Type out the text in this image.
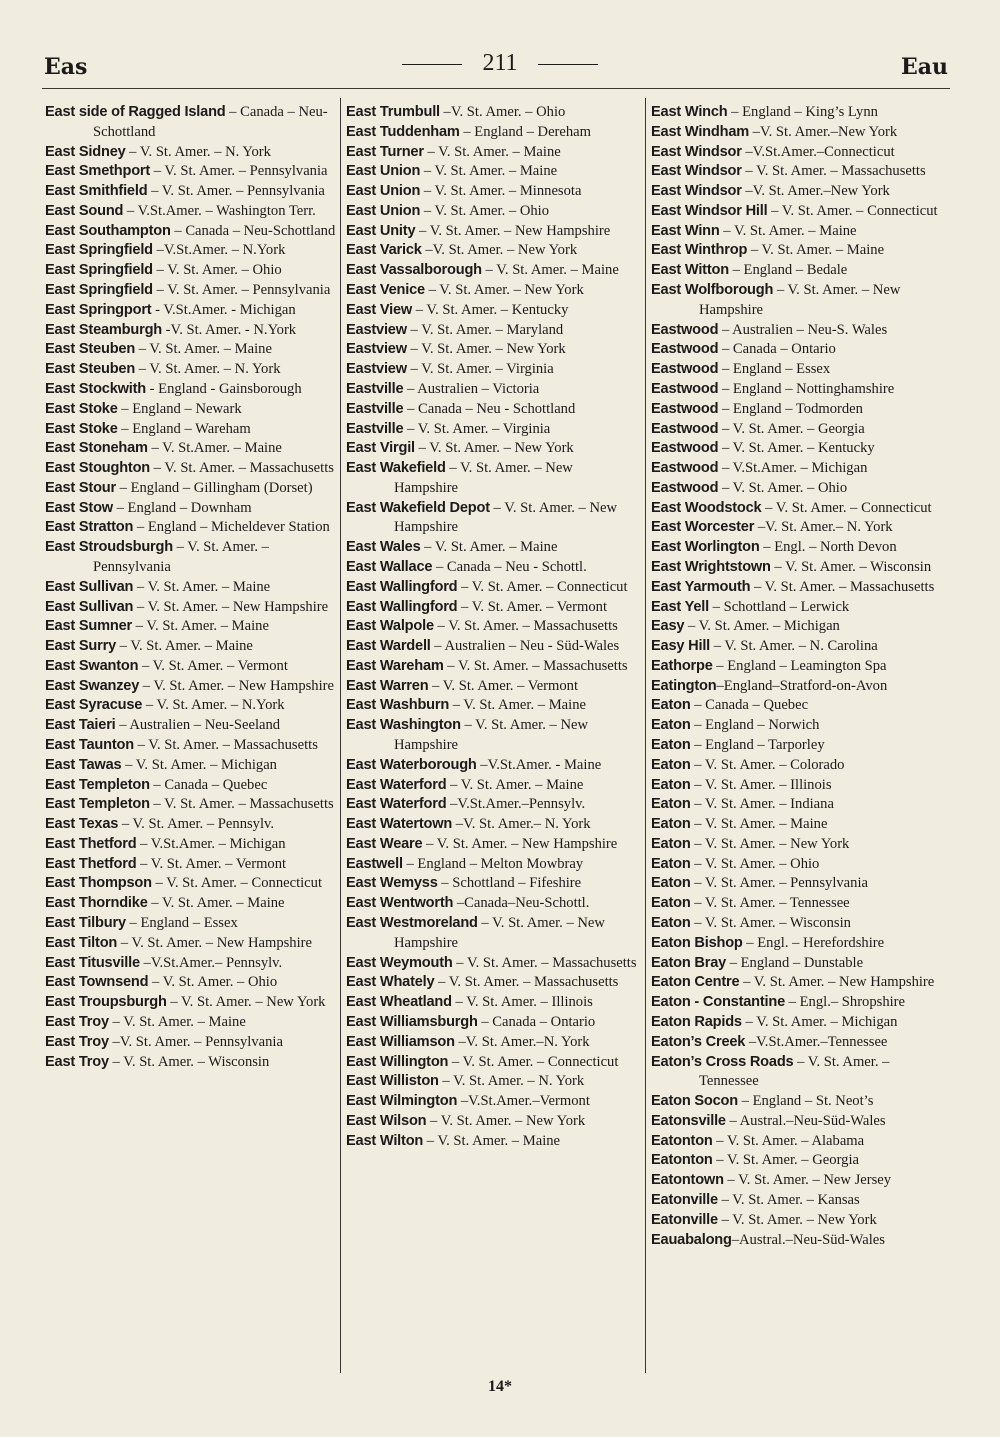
Eas	211	Eau
East side of Ragged Island – Canada – Neu-Schottland
East Sidney – V. St. Amer. – N. York
East Smethport – V. St. Amer. – Pennsylvania
East Smithfield – V. St. Amer. – Pennsylvania
East Sound – V.St.Amer. – Washington Terr.
East Southampton – Canada – Neu-Schottland
East Springfield –V.St.Amer. – N.York
East Springfield – V. St. Amer. – Ohio
East Springfield – V. St. Amer. – Pennsylvania
East Springport - V.St.Amer. - Michigan
East Steamburgh -V. St. Amer. - N.York
East Steuben – V. St. Amer. – Maine
East Steuben – V. St. Amer. – N. York
East Stockwith - England - Gainsborough
East Stoke – England – Newark
East Stoke – England – Wareham
East Stoneham – V. St.Amer. – Maine
East Stoughton – V. St. Amer. – Massachusetts
East Stour – England – Gillingham (Dorset)
East Stow – England – Downham
East Stratton – England – Micheldever Station
East Stroudsburgh – V. St. Amer. – Pennsylvania
East Sullivan – V. St. Amer. – Maine
East Sullivan – V. St. Amer. – New Hampshire
East Sumner – V. St. Amer. – Maine
East Surry – V. St. Amer. – Maine
East Swanton – V. St. Amer. – Vermont
East Swanzey – V. St. Amer. – New Hampshire
East Syracuse – V. St. Amer. – N.York
East Taieri – Australien – Neu-Seeland
East Taunton – V. St. Amer. – Massachusetts
East Tawas – V. St. Amer. – Michigan
East Templeton – Canada – Quebec
East Templeton – V. St. Amer. – Massachusetts
East Texas – V. St. Amer. – Pennsylv.
East Thetford – V.St.Amer. – Michigan
East Thetford – V. St. Amer. – Vermont
East Thompson – V. St. Amer. – Connecticut
East Thorndike – V. St. Amer. – Maine
East Tilbury – England – Essex
East Tilton – V. St. Amer. – New Hampshire
East Titusville –V.St.Amer.– Pennsylv.
East Townsend – V. St. Amer. – Ohio
East Troupsburgh – V. St. Amer. – New York
East Troy – V. St. Amer. – Maine
East Troy –V. St. Amer. – Pennsylvania
East Troy – V. St. Amer. – Wisconsin
East Trumbull –V. St. Amer. – Ohio
East Tuddenham – England – Dereham
East Turner – V. St. Amer. – Maine
East Union – V. St. Amer. – Maine
East Union – V. St. Amer. – Minnesota
East Union – V. St. Amer. – Ohio
East Unity – V. St. Amer. – New Hampshire
East Varick –V. St. Amer. – New York
East Vassalborough – V. St. Amer. – Maine
East Venice – V. St. Amer. – New York
East View – V. St. Amer. – Kentucky
Eastview – V. St. Amer. – Maryland
Eastview – V. St. Amer. – New York
Eastview – V. St. Amer. – Virginia
Eastville – Australien – Victoria
Eastville – Canada – Neu - Schottland
Eastville – V. St. Amer. – Virginia
East Virgil – V. St. Amer. – New York
East Wakefield – V. St. Amer. – New Hampshire
East Wakefield Depot – V. St. Amer. – New Hampshire
East Wales – V. St. Amer. – Maine
East Wallace – Canada – Neu - Schottl.
East Wallingford – V. St. Amer. – Connecticut
East Wallingford – V. St. Amer. – Vermont
East Walpole – V. St. Amer. – Massachusetts
East Wardell – Australien – Neu - Süd-Wales
East Wareham – V. St. Amer. – Massachusetts
East Warren – V. St. Amer. – Vermont
East Washburn – V. St. Amer. – Maine
East Washington – V. St. Amer. – New Hampshire
East Waterborough –V.St.Amer. - Maine
East Waterford – V. St. Amer. – Maine
East Waterford –V.St.Amer.–Pennsylv.
East Watertown –V. St. Amer.– N. York
East Weare – V. St. Amer. – New Hampshire
Eastwell – England – Melton Mowbray
East Wemyss – Schottland – Fifeshire
East Wentworth –Canada–Neu-Schottl.
East Westmoreland – V. St. Amer. – New Hampshire
East Weymouth – V. St. Amer. – Massachusetts
East Whately – V. St. Amer. – Massachusetts
East Wheatland – V. St. Amer. – Illinois
East Williamsburgh – Canada – Ontario
East Williamson –V. St. Amer.–N. York
East Willington – V. St. Amer. – Connecticut
East Williston – V. St. Amer. – N. York
East Wilmington –V.St.Amer.–Vermont
East Wilson – V. St. Amer. – New York
East Wilton – V. St. Amer. – Maine
East Winch – England – King’s Lynn
East Windham –V. St. Amer.–New York
East Windsor –V.St.Amer.–Connecticut
East Windsor – V. St. Amer. – Massachusetts
East Windsor –V. St. Amer.–New York
East Windsor Hill – V. St. Amer. – Connecticut
East Winn – V. St. Amer. – Maine
East Winthrop – V. St. Amer. – Maine
East Witton – England – Bedale
East Wolfborough – V. St. Amer. – New Hampshire
Eastwood – Australien – Neu-S. Wales
Eastwood – Canada – Ontario
Eastwood – England – Essex
Eastwood – England – Nottinghamshire
Eastwood – England – Todmorden
Eastwood – V. St. Amer. – Georgia
Eastwood – V. St. Amer. – Kentucky
Eastwood – V.St.Amer. – Michigan
Eastwood – V. St. Amer. – Ohio
East Woodstock – V. St. Amer. – Connecticut
East Worcester –V. St. Amer.– N. York
East Worlington – Engl. – North Devon
East Wrightstown – V. St. Amer. – Wisconsin
East Yarmouth – V. St. Amer. – Massachusetts
East Yell – Schottland – Lerwick
Easy – V. St. Amer. – Michigan
Easy Hill – V. St. Amer. – N. Carolina
Eathorpe – England – Leamington Spa
Eatington–England–Stratford-on-Avon
Eaton – Canada – Quebec
Eaton – England – Norwich
Eaton – England – Tarporley
Eaton – V. St. Amer. – Colorado
Eaton – V. St. Amer. – Illinois
Eaton – V. St. Amer. – Indiana
Eaton – V. St. Amer. – Maine
Eaton – V. St. Amer. – New York
Eaton – V. St. Amer. – Ohio
Eaton – V. St. Amer. – Pennsylvania
Eaton – V. St. Amer. – Tennessee
Eaton – V. St. Amer. – Wisconsin
Eaton Bishop – Engl. – Herefordshire
Eaton Bray – England – Dunstable
Eaton Centre – V. St. Amer. – New Hampshire
Eaton - Constantine – Engl.– Shropshire
Eaton Rapids – V. St. Amer. – Michigan
Eaton’s Creek –V.St.Amer.–Tennessee
Eaton’s Cross Roads – V. St. Amer. – Tennessee
Eaton Socon – England – St. Neot’s
Eatonsville – Austral.–Neu-Süd-Wales
Eatonton – V. St. Amer. – Alabama
Eatonton – V. St. Amer. – Georgia
Eatontown – V. St. Amer. – New Jersey
Eatonville – V. St. Amer. – Kansas
Eatonville – V. St. Amer. – New York
Eauabalong–Austral.–Neu-Süd-Wales
14*
